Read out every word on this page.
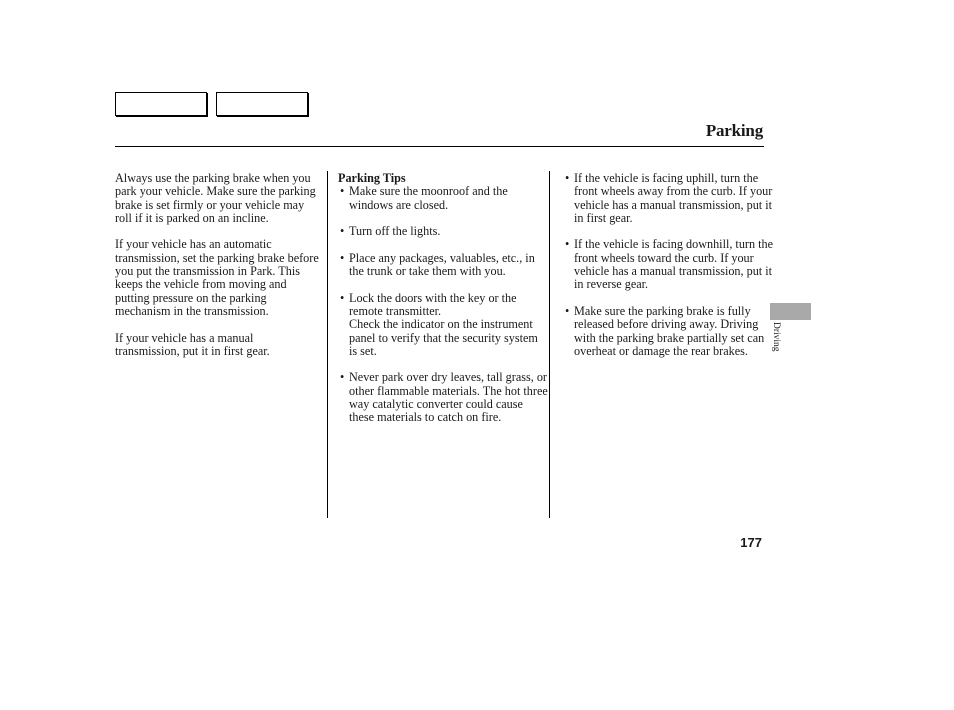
Parking

Always use the parking brake when you park your vehicle. Make sure the parking brake is set firmly or your vehicle may roll if it is parked on an incline.

If your vehicle has an automatic transmission, set the parking brake before you put the transmission in Park. This keeps the vehicle from moving and putting pressure on the parking mechanism in the transmission.

If your vehicle has a manual transmission, put it in first gear.

Parking Tips
• Make sure the moonroof and the windows are closed.
• Turn off the lights.
• Place any packages, valuables, etc., in the trunk or take them with you.
• Lock the doors with the key or the remote transmitter.
Check the indicator on the instrument panel to verify that the security system is set.
• Never park over dry leaves, tall grass, or other flammable materials. The hot three way catalytic converter could cause these materials to catch on fire.
• If the vehicle is facing uphill, turn the front wheels away from the curb. If your vehicle has a manual transmission, put it in first gear.
• If the vehicle is facing downhill, turn the front wheels toward the curb. If your vehicle has a manual transmission, put it in reverse gear.
• Make sure the parking brake is fully released before driving away. Driving with the parking brake partially set can overheat or damage the rear brakes.	Driving
177
